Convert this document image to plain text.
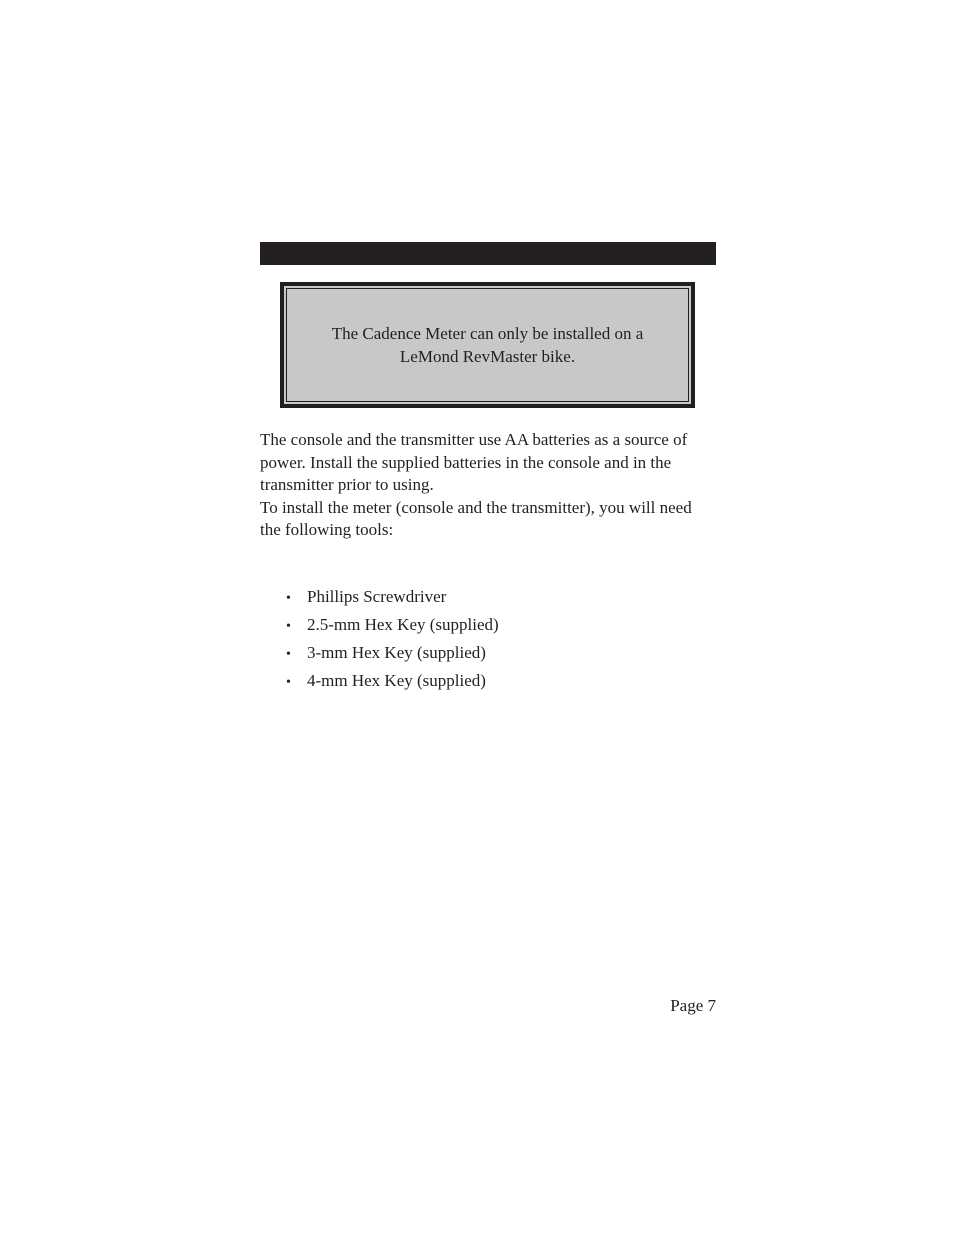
The Cadence Meter can only be installed on a LeMond RevMaster bike.

The console and the transmitter use AA batteries as a source of power. Install the supplied batteries in the console and in the transmitter prior to using.

To install the meter (console and the transmitter), you will need

the following tools:

• Phillips Screwdriver
• 2.5-mm Hex Key (supplied)
• 3-mm Hex Key (supplied)
• 4-mm Hex Key (supplied)
Page 7
